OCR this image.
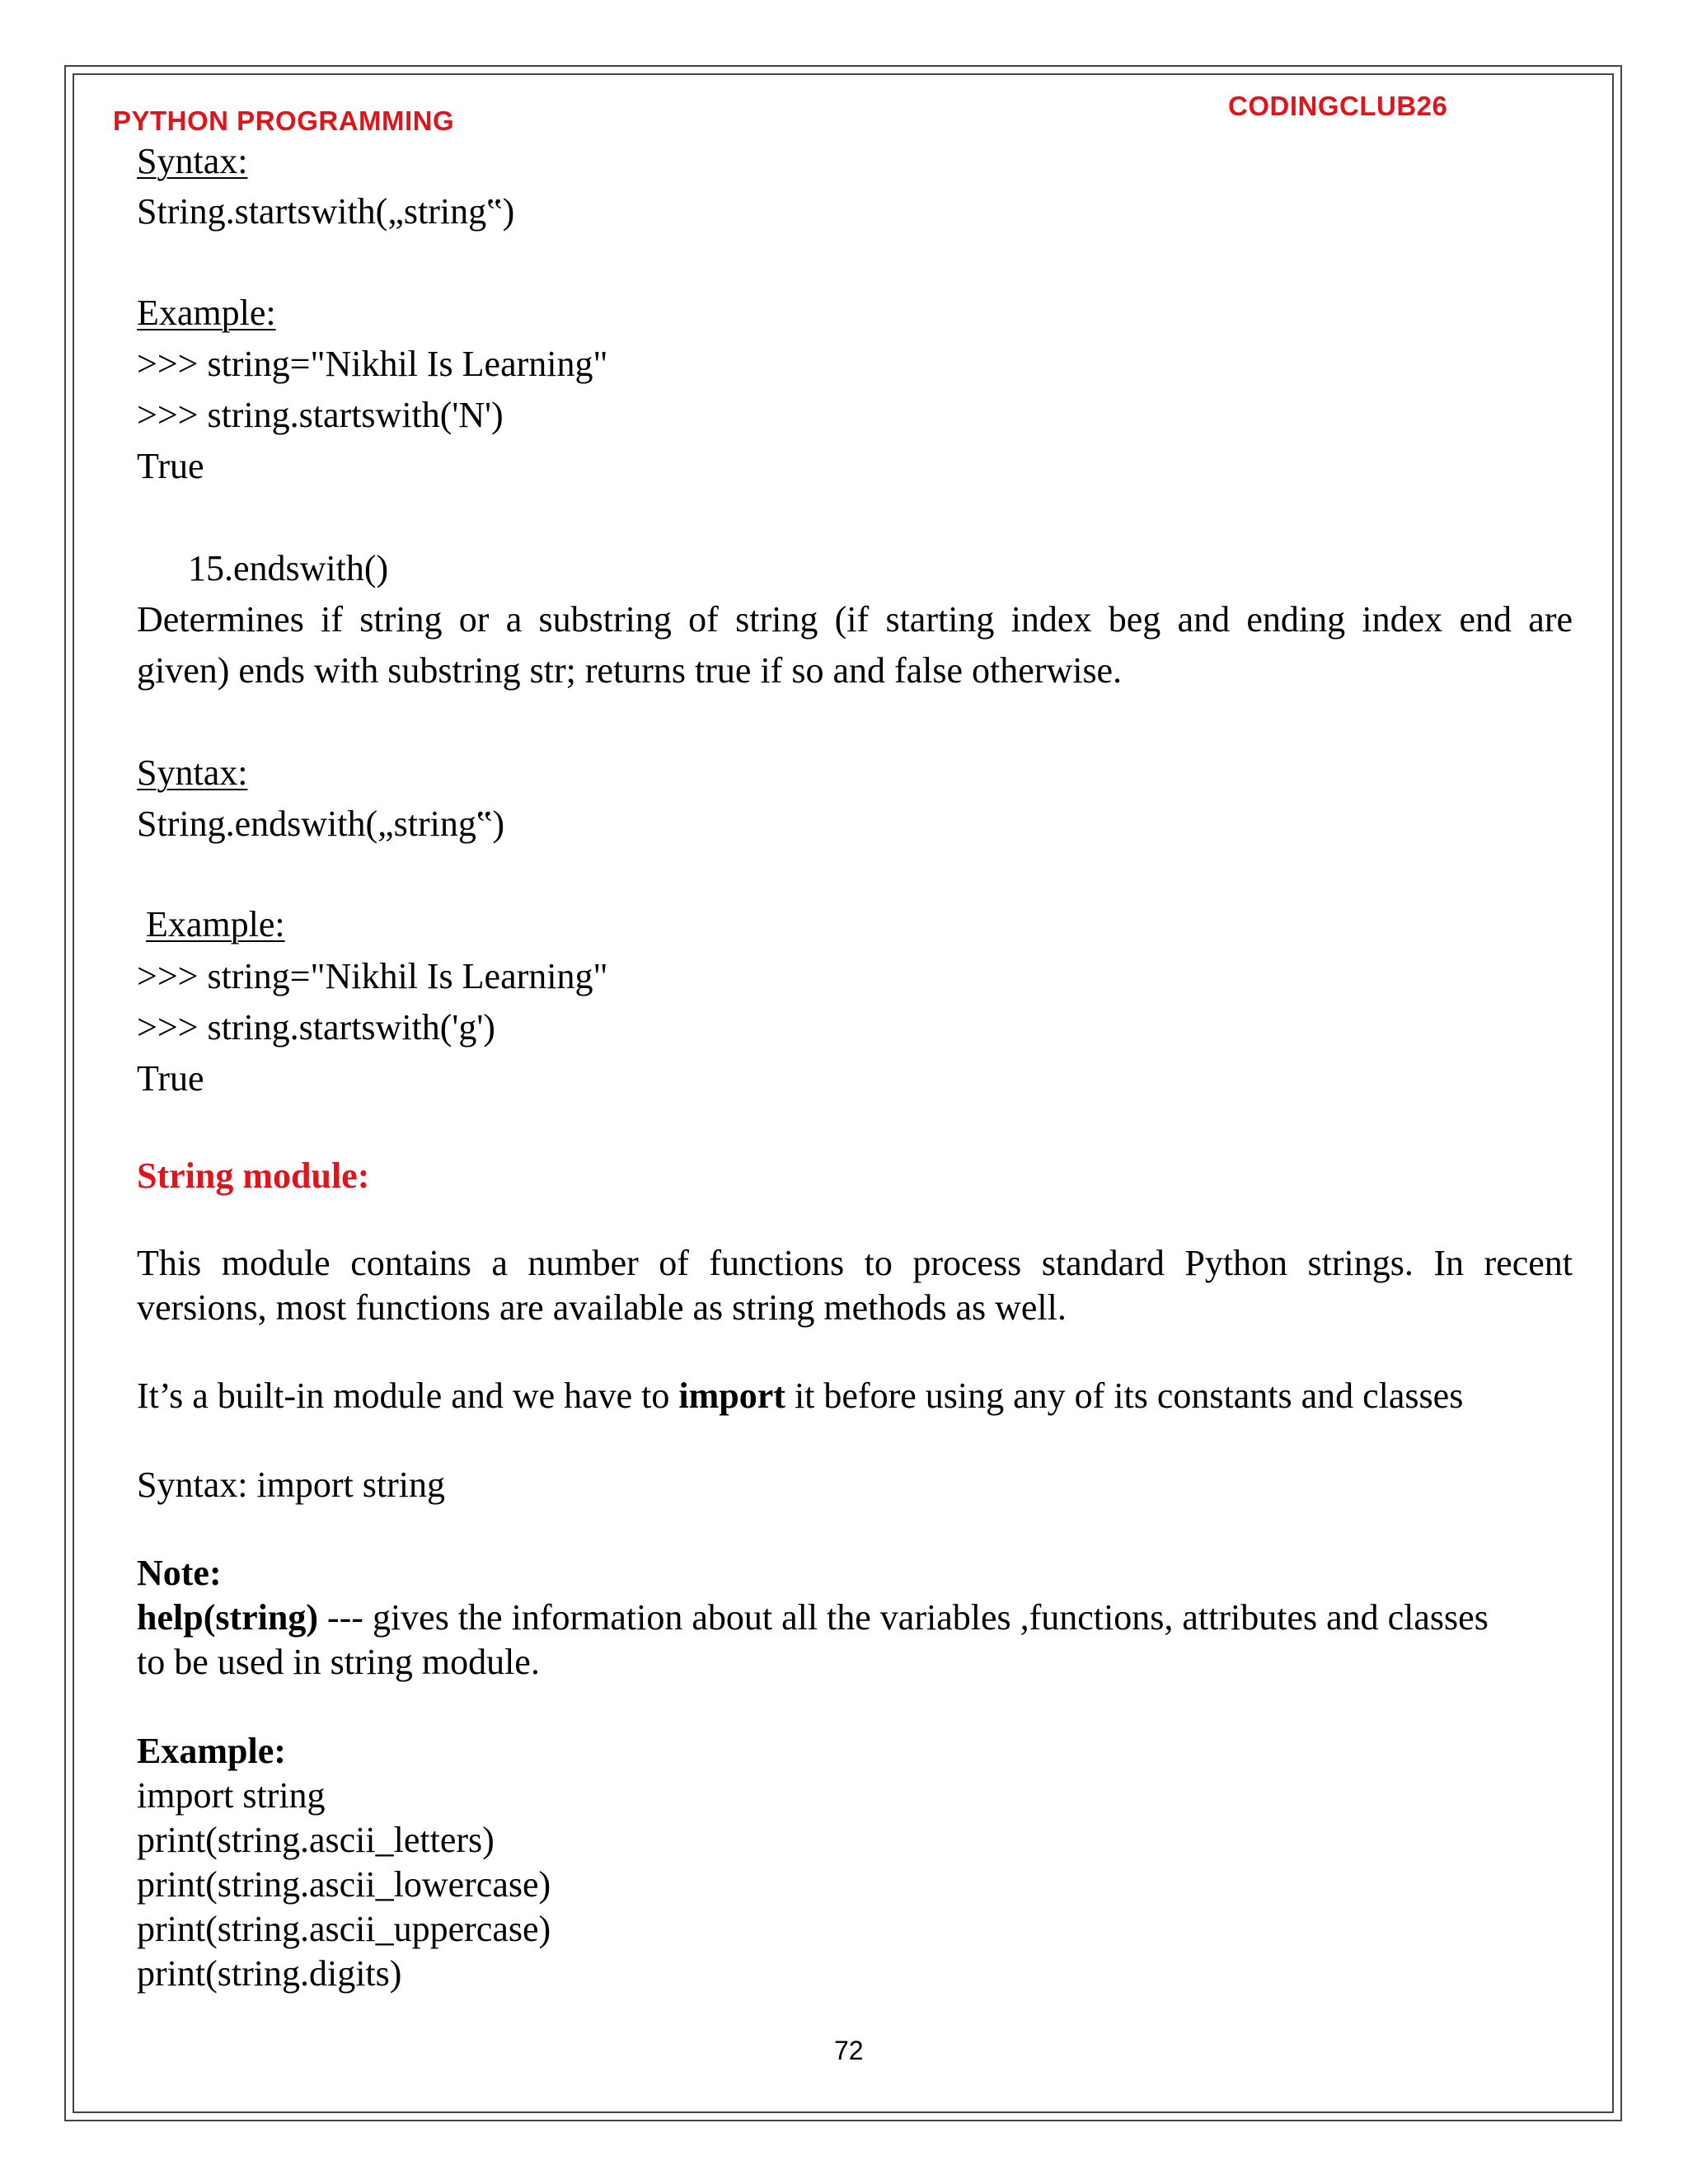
PYTHON PROGRAMMING	CODINGCLUB26
Syntax:
String.startswith(„string‟)
Example:
>>> string="Nikhil Is Learning"
>>> string.startswith('N')
True
15.endswith()
Determines if string or a substring of string (if starting index beg and ending index end are
given) ends with substring str; returns true if so and false otherwise.
Syntax:
String.endswith(„string‟)
Example:
>>> string="Nikhil Is Learning"
>>> string.startswith('g')
True
String module:
This module contains a number of functions to process standard Python strings. In recent
versions, most functions are available as string methods as well.
It’s a built-in module and we have to import it before using any of its constants and classes
Syntax: import string
Note:
help(string) --- gives the information about all the variables ,functions, attributes and classes
to be used in string module.
Example:
import string
print(string.ascii_letters)
print(string.ascii_lowercase)
print(string.ascii_uppercase)
print(string.digits)
72
